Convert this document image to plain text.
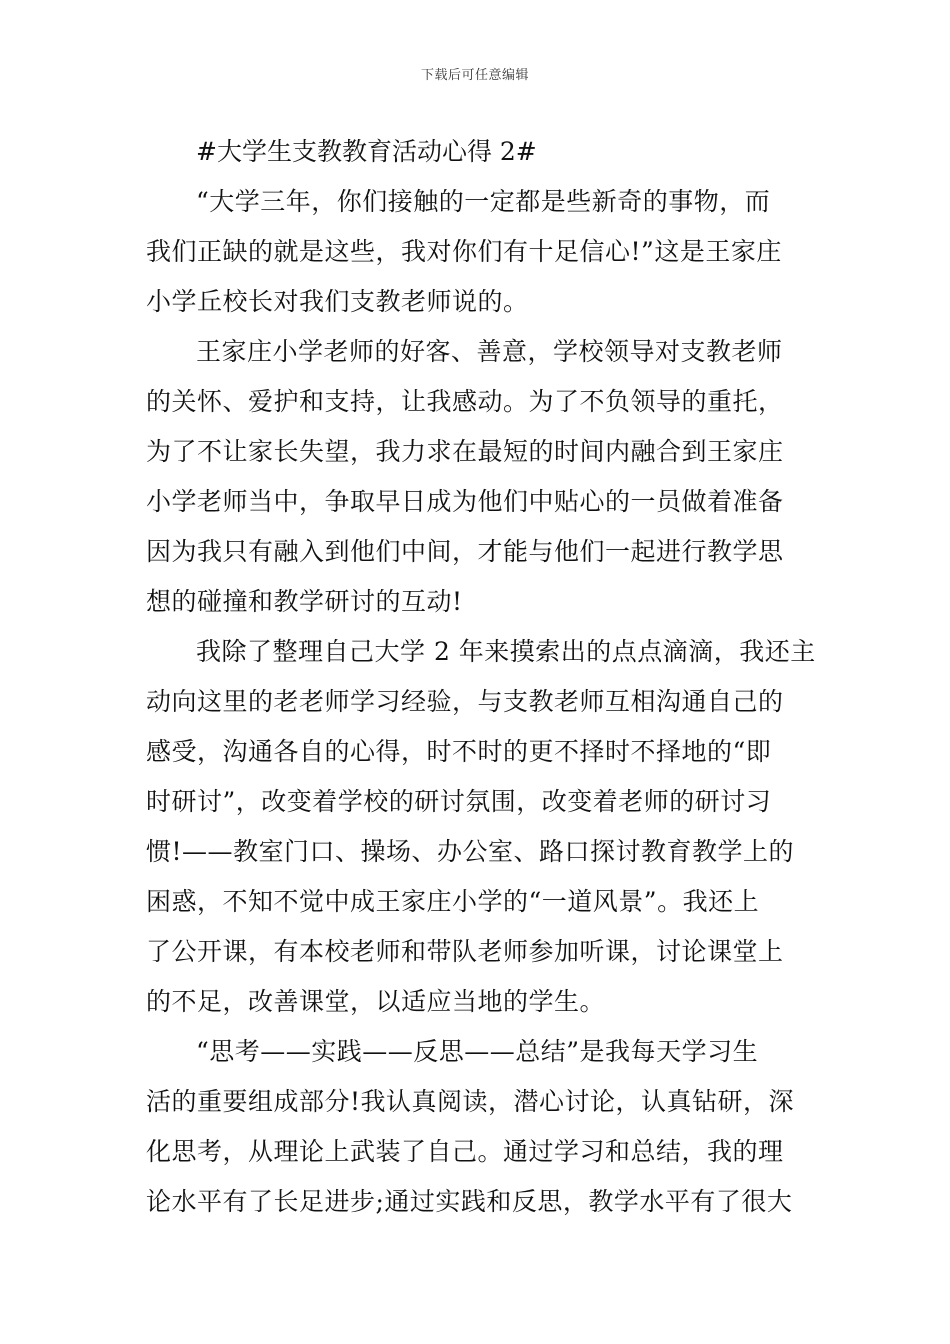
下载后可任意编辑
#大学生支教教育活动心得 2#
“大学三年，你们接触的一定都是些新奇的事物，而
我们正缺的就是这些，我对你们有十足信心!”这是王家庄
小学丘校长对我们支教老师说的。
王家庄小学老师的好客、善意，学校领导对支教老师
的关怀、爱护和支持，让我感动。为了不负领导的重托，
为了不让家长失望，我力求在最短的时间内融合到王家庄
小学老师当中，争取早日成为他们中贴心的一员做着准备
因为我只有融入到他们中间，才能与他们一起进行教学思
想的碰撞和教学研讨的互动!
我除了整理自己大学 2 年来摸索出的点点滴滴，我还主
动向这里的老老师学习经验，与支教老师互相沟通自己的
感受，沟通各自的心得，时不时的更不择时不择地的“即
时研讨”，改变着学校的研讨氛围，改变着老师的研讨习
惯!——教室门口、操场、办公室、路口探讨教育教学上的
困惑，不知不觉中成王家庄小学的“一道风景”。我还上
了公开课，有本校老师和带队老师参加听课，讨论课堂上
的不足，改善课堂，以适应当地的学生。
“思考——实践——反思——总结”是我每天学习生
活的重要组成部分!我认真阅读，潜心讨论，认真钻研，深
化思考，从理论上武装了自己。通过学习和总结，我的理
论水平有了长足进步;通过实践和反思，教学水平有了很大
